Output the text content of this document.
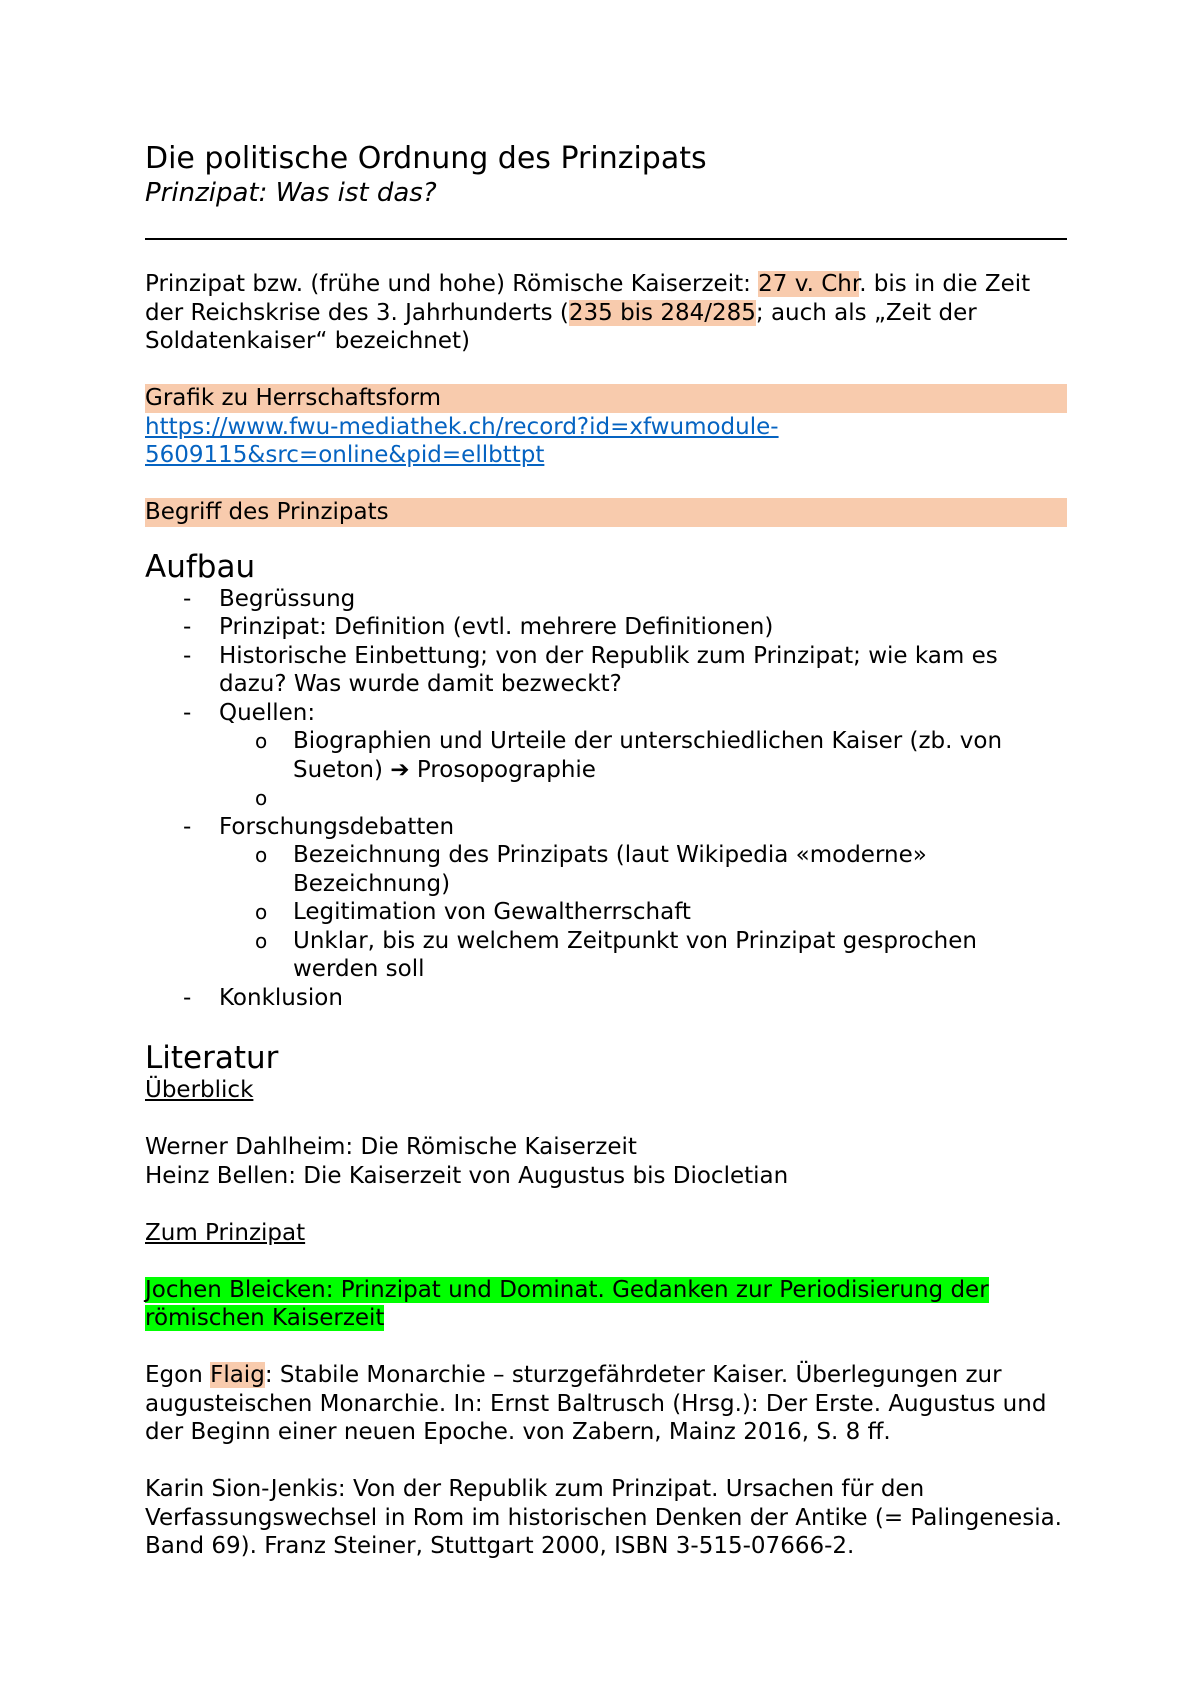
Die politische Ordnung des Prinzipats

Prinzipat: Was ist das?

Prinzipat bzw. (frühe und hohe) Römische Kaiserzeit: 27 v. Chr. bis in die Zeit der Reichskrise des 3. Jahrhunderts (235 bis 284/285; auch als „Zeit der Soldatenkaiser“ bezeichnet)

Grafik zu Herrschaftsform

https://www.fwu-mediathek.ch/record?id=xfwumodule-5609115&src=online&pid=ellbttpt

Begriff des Prinzipats

Aufbau
- Begrüssung
- Prinzipat: Definition (evtl. mehrere Definitionen)
- Historische Einbettung; von der Republik zum Prinzipat; wie kam es dazu? Was wurde damit bezweckt?
- Quellen:
o Biographien und Urteile der unterschiedlichen Kaiser (zb. von Sueton) ➔ Prosopographie
o
- Forschungsdebatten
o Bezeichnung des Prinzipats (laut Wikipedia «moderne» Bezeichnung)
o Legitimation von Gewaltherrschaft
o Unklar, bis zu welchem Zeitpunkt von Prinzipat gesprochen werden soll
- Konklusion
Literatur

Überblick

Werner Dahlheim: Die Römische Kaiserzeit

Heinz Bellen: Die Kaiserzeit von Augustus bis Diocletian

Zum Prinzipat

Jochen Bleicken: Prinzipat und Dominat. Gedanken zur Periodisierung der römischen Kaiserzeit

Egon Flaig: Stabile Monarchie – sturzgefährdeter Kaiser. Überlegungen zur augusteischen Monarchie. In: Ernst Baltrusch (Hrsg.): Der Erste. Augustus und der Beginn einer neuen Epoche. von Zabern, Mainz 2016, S. 8 ff.

Karin Sion-Jenkis: Von der Republik zum Prinzipat. Ursachen für den Verfassungswechsel in Rom im historischen Denken der Antike (= Palingenesia. Band 69). Franz Steiner, Stuttgart 2000, ISBN 3-515-07666-2.
